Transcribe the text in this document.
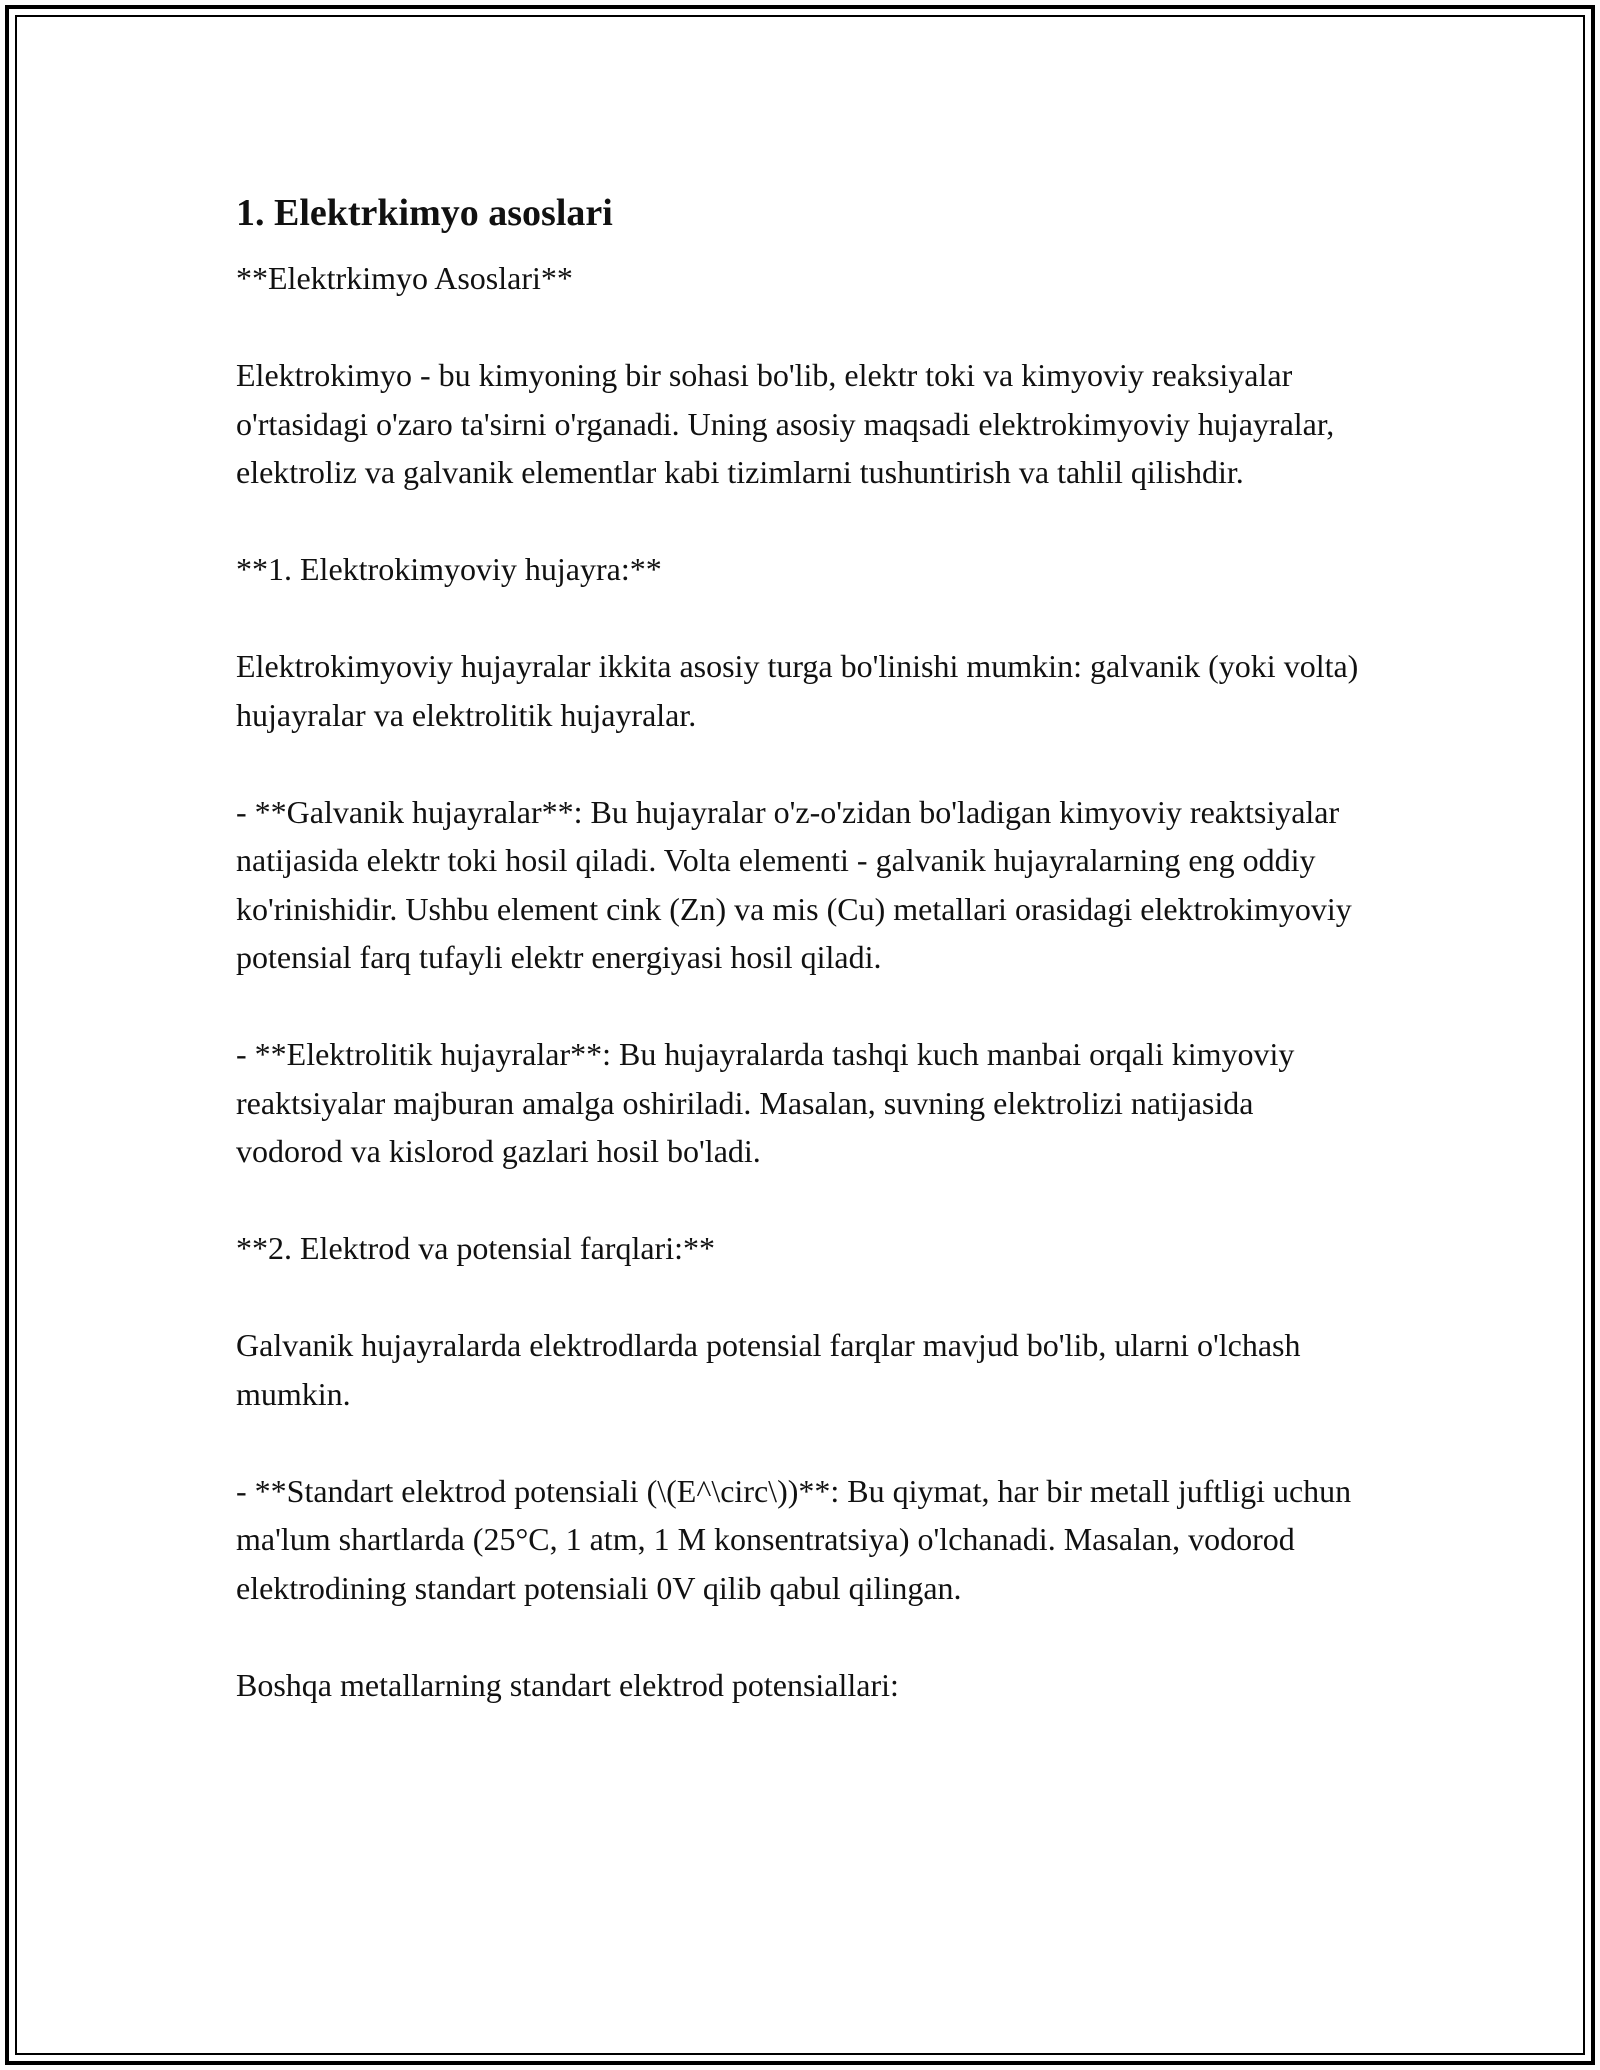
1. Elektrkimyo asoslari

**Elektrkimyo Asoslari**

Elektrokimyo - bu kimyoning bir sohasi bo'lib, elektr toki va kimyoviy reaksiyalar o'rtasidagi o'zaro ta'sirni o'rganadi. Uning asosiy maqsadi elektrokimyoviy hujayralar, elektroliz va galvanik elementlar kabi tizimlarni tushuntirish va tahlil qilishdir.

**1. Elektrokimyoviy hujayra:**

Elektrokimyoviy hujayralar ikkita asosiy turga bo'linishi mumkin: galvanik (yoki volta) hujayralar va elektrolitik hujayralar.

- **Galvanik hujayralar**: Bu hujayralar o'z-o'zidan bo'ladigan kimyoviy reaktsiyalar natijasida elektr toki hosil qiladi. Volta elementi - galvanik hujayralarning eng oddiy ko'rinishidir. Ushbu element cink (Zn) va mis (Cu) metallari orasidagi elektrokimyoviy potensial farq tufayli elektr energiyasi hosil qiladi.

- **Elektrolitik hujayralar**: Bu hujayralarda tashqi kuch manbai orqali kimyoviy reaktsiyalar majburan amalga oshiriladi. Masalan, suvning elektrolizi natijasida vodorod va kislorod gazlari hosil bo'ladi.

**2. Elektrod va potensial farqlari:**

Galvanik hujayralarda elektrodlarda potensial farqlar mavjud bo'lib, ularni o'lchash mumkin.

- **Standart elektrod potensiali (\(E^\circ\))**: Bu qiymat, har bir metall juftligi uchun ma'lum shartlarda (25°C, 1 atm, 1 M konsentratsiya) o'lchanadi. Masalan, vodorod elektrodining standart potensiali 0V qilib qabul qilingan.

Boshqa metallarning standart elektrod potensiallari:
